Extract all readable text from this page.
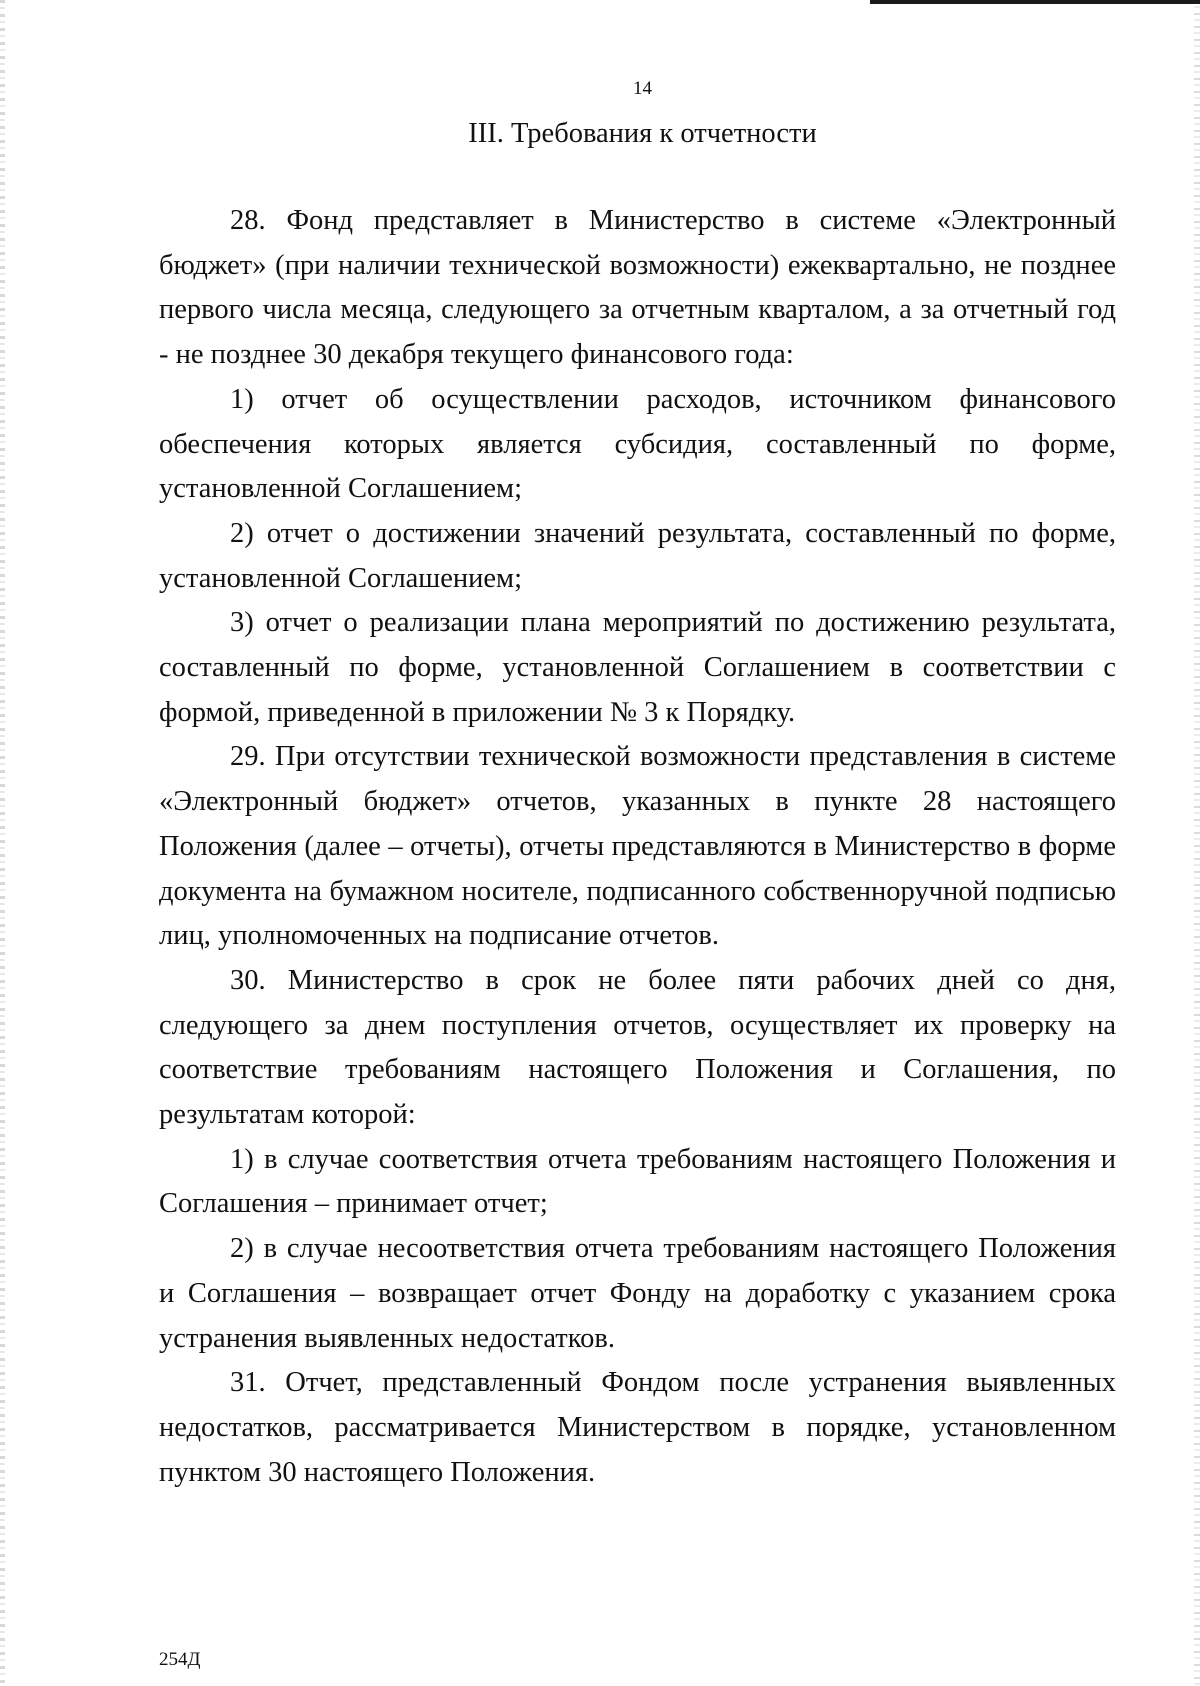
14
III. Требования к отчетности

28. Фонд представляет в Министерство в системе «Электронный бюджет» (при наличии технической возможности) ежеквартально, не позднее первого числа месяца, следующего за отчетным кварталом, а за отчетный год - не позднее 30 декабря текущего финансового года:

1) отчет об осуществлении расходов, источником финансового обеспечения которых является субсидия, составленный по форме, установленной Соглашением;

2) отчет о достижении значений результата, составленный по форме, установленной Соглашением;

3) отчет о реализации плана мероприятий по достижению результата, составленный по форме, установленной Соглашением в соответствии с формой, приведенной в приложении № 3 к Порядку.

29. При отсутствии технической возможности представления в системе «Электронный бюджет» отчетов, указанных в пункте 28 настоящего Положения (далее – отчеты), отчеты представляются в Министерство в форме документа на бумажном носителе, подписанного собственноручной подписью лиц, уполномоченных на подписание отчетов.

30. Министерство в срок не более пяти рабочих дней со дня, следующего за днем поступления отчетов, осуществляет их проверку на соответствие требованиям настоящего Положения и Соглашения, по результатам которой:

1) в случае соответствия отчета требованиям настоящего Положения и Соглашения – принимает отчет;

2) в случае несоответствия отчета требованиям настоящего Положения и Соглашения – возвращает отчет Фонду на доработку с указанием срока устранения выявленных недостатков.

31. Отчет, представленный Фондом после устранения выявленных недостатков, рассматривается Министерством в порядке, установленном пунктом 30 настоящего Положения.

254Д
